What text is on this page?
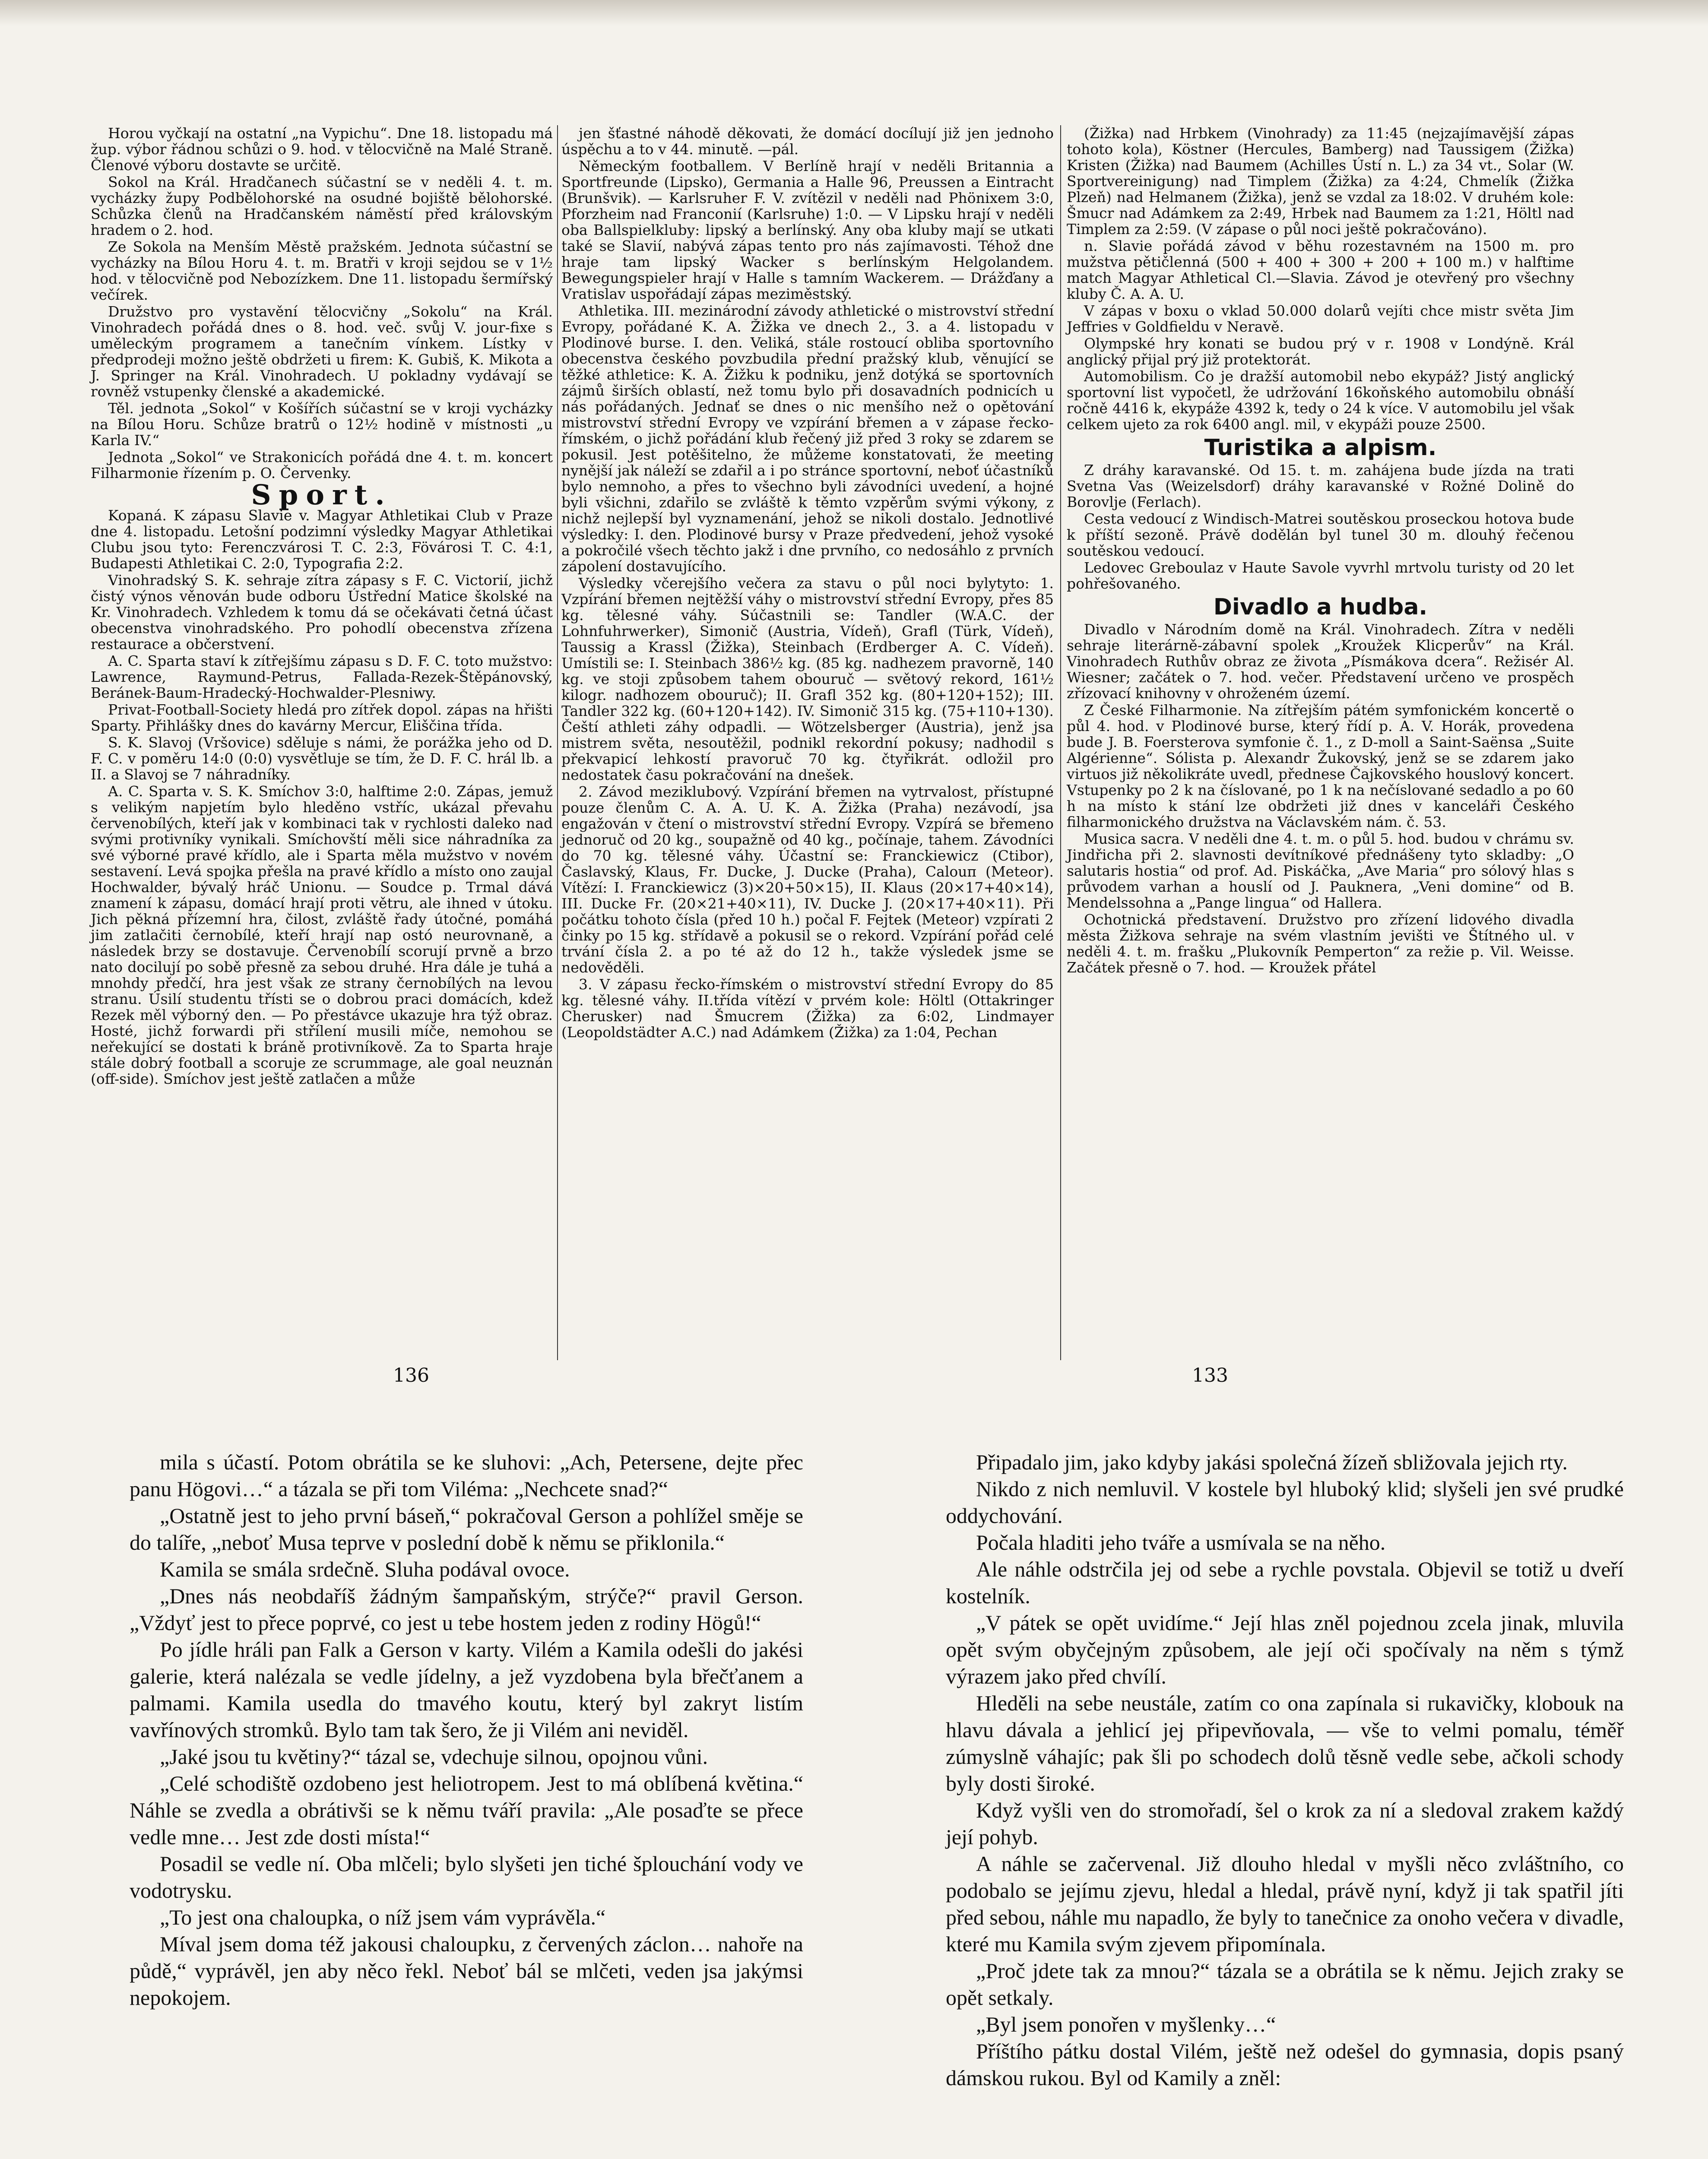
Horou vyčkají na ostatní „na Vypichu“. Dne 18. listopadu má žup. výbor řádnou schůzi o 9. hod. v tělocvičně na Malé Straně. Členové výboru dostavte se určitě.

Sokol na Král. Hradčanech súčastní se v neděli 4. t. m. vycházky župy Podbělohorské na osudné bojiště bělohorské. Schůzka členů na Hradčanském náměstí před královským hradem o 2. hod.

Ze Sokola na Menším Městě pražském. Jednota súčastní se vycházky na Bílou Horu 4. t. m. Bratři v kroji sejdou se v 1½ hod. v tělocvičně pod Nebozízkem. Dne 11. listopadu šermířský večírek.

Družstvo pro vystavění tělocvičny „Sokolu“ na Král. Vinohradech pořádá dnes o 8. hod. več. svůj V. jour-fixe s uměleckým programem a tanečním vínkem. Lístky v předprodeji možno ještě obdržeti u firem: K. Gubiš, K. Mikota a J. Springer na Král. Vinohradech. U pokladny vydávají se rovněž vstupenky členské a akademické.

Těl. jednota „Sokol“ v Košířích súčastní se v kroji vycházky na Bílou Horu. Schůze bratrů o 12½ hodině v místnosti „u Karla IV.“

Jednota „Sokol“ ve Strakonicích pořádá dne 4. t. m. koncert Filharmonie řízením p. O. Červenky.

Sport.

Kopaná. K zápasu Slavie v. Magyar Athletikai Club v Praze dne 4. listopadu. Letošní podzimní výsledky Magyar Athletikai Clubu jsou tyto: Ferenczvárosi T. C. 2:3, Fövárosi T. C. 4:1, Budapesti Athletikai C. 2:0, Typografia 2:2.

Vinohradský S. K. sehraje zítra zápasy s F. C. Victorií, jichž čistý výnos věnován bude odboru Ústřední Matice školské na Kr. Vinohradech. Vzhledem k tomu dá se očekávati četná účast obecenstva vinohradského. Pro pohodlí obecenstva zřízena restaurace a občerstvení.

A. C. Sparta staví k zítřejšímu zápasu s D. F. C. toto mužstvo: Lawrence, Raymund-Petrus, Fallada-Rezek-Štěpánovský, Beránek-Baum-Hradecký-Hochwalder-Plesniwy.

Privat-Football-Society hledá pro zítřek dopol. zápas na hřišti Sparty. Přihlášky dnes do kavárny Mercur, Eliščina třída.

S. K. Slavoj (Vršovice) sděluje s námi, že porážka jeho od D. F. C. v poměru 14:0 (0:0) vysvětluje se tím, že D. F. C. hrál lb. a II. a Slavoj se 7 náhradníky.

A. C. Sparta v. S. K. Smíchov 3:0, halftime 2:0. Zápas, jemuž s velikým napjetím bylo hleděno vstříc, ukázal převahu červenobílých, kteří jak v kombinaci tak v rychlosti daleko nad svými protivníky vynikali. Smíchovští měli sice náhradníka za své výborné pravé křídlo, ale i Sparta měla mužstvo v novém sestavení. Levá spojka přešla na pravé křídlo a místo ono zaujal Hochwalder, bývalý hráč Unionu. — Soudce p. Trmal dává znamení k zápasu, domácí hrají proti větru, ale ihned v útoku. Jich pěkná přízemní hra, čilost, zvláště řady útočné, pomáhá jim zatlačiti černobílé, kteří hrají nap ostó neurovnaně, a následek brzy se dostavuje. Červenobílí scorují prvně a brzo nato docilují po sobě přesně za sebou druhé. Hra dále je tuhá a mnohdy předčí, hra jest však ze strany černobílých na levou stranu. Úsilí studentu třísti se o dobrou praci domácích, kdež Rezek měl výborný den. — Po přestávce ukazuje hra týž obraz. Hosté, jichž forwardi při střílení musili míče, nemohou se neřekující se dostati k bráně protivníkově. Za to Sparta hraje stále dobrý football a scoruje ze scrummage, ale goal neuznán (off-side). Smíchov jest ještě zatlačen a může

jen šťastné náhodě děkovati, že domácí docílují již jen jednoho úspěchu a to v 44. minutě. —pál.

Německým footballem. V Berlíně hrají v neděli Britannia a Sportfreunde (Lipsko), Germania a Halle 96, Preussen a Eintracht (Brunšvik). — Karlsruher F. V. zvítězil v neděli nad Phönixem 3:0, Pforzheim nad Franconií (Karlsruhe) 1:0. — V Lipsku hrají v neděli oba Ballspielkluby: lipský a berlínský. Any oba kluby mají se utkati také se Slavií, nabývá zápas tento pro nás zajímavosti. Téhož dne hraje tam lipský Wacker s berlínským Helgolandem. Bewegungspieler hrají v Halle s tamním Wackerem. — Drážďany a Vratislav uspořádají zápas meziměstský.

Athletika. III. mezinárodní závody athletické o mistrovství střední Evropy, pořádané K. A. Žižka ve dnech 2., 3. a 4. listopadu v Plodinové burse. I. den. Veliká, stále rostoucí obliba sportovního obecenstva českého povzbudila přední pražský klub, věnující se těžké athletice: K. A. Žižku k podniku, jenž dotýká se sportovních zájmů širších oblastí, než tomu bylo při dosavadních podnicích u nás pořádaných. Jednať se dnes o nic menšího než o opětování mistrovství střední Evropy ve vzpírání břemen a v zápase řecko-římském, o jichž pořádání klub řečený již před 3 roky se zdarem se pokusil. Jest potěšitelno, že můžeme konstatovati, že meeting nynější jak náleží se zdařil a i po stránce sportovní, neboť účastníků bylo nemnoho, a přes to všechno byli závodníci uvedení, a hojné byli všichni, zdařilo se zvláště k těmto vzpěrům svými výkony, z nichž nejlepší byl vyznamenání, jehož se nikoli dostalo. Jednotlivé výsledky: I. den. Plodinové bursy v Praze předvedení, jehož vysoké a pokročilé všech těchto jakž i dne prvního, co nedosáhlo z prvních zápolení dostavujícího.

Výsledky včerejšího večera za stavu o půl noci bylytyto: 1. Vzpírání břemen nejtěžší váhy o mistrovství střední Evropy, přes 85 kg. tělesné váhy. Súčastnili se: Tandler (W.A.C. der Lohnfuhrwerker), Simonič (Austria, Vídeň), Grafl (Türk, Vídeň), Taussig a Krassl (Žižka), Steinbach (Erdberger A. C. Vídeň). Umístili se: I. Steinbach 386½ kg. (85 kg. nadhezem pravorně, 140 kg. ve stoji způsobem tahem obouruč — světový rekord, 161½ kilogr. nadhozem obouruč); II. Grafl 352 kg. (80+120+152); III. Tandler 322 kg. (60+120+142). IV. Simonič 315 kg. (75+110+130). Čeští athleti záhy odpadli. — Wötzelsberger (Austria), jenž jsa mistrem světa, nesoutěžil, podnikl rekordní pokusy; nadhodil s překvapicí lehkostí pravoruč 70 kg. čtyřikrát. odložil pro nedostatek času pokračování na dnešek.

2. Závod meziklubový. Vzpírání břemen na vytrvalost, přístupné pouze členům C. A. A. U. K. A. Žižka (Praha) nezávodí, jsa engažován v čtení o mistrovství střední Evropy. Vzpírá se břemeno jednoruč od 20 kg., soupažně od 40 kg., počínaje, tahem. Závodníci do 70 kg. tělesné váhy. Účastní se: Franckiewicz (Ctibor), Časlavský, Klaus, Fr. Ducke, J. Ducke (Praha), Calouп (Meteor). Vítězí: I. Franckiewicz (3)×20+50×15), II. Klaus (20×17+40×14), III. Ducke Fr. (20×21+40×11), IV. Ducke J. (20×17+40×11). Při počátku tohoto čísla (před 10 h.) počal F. Fejtek (Meteor) vzpírati 2 činky po 15 kg. střídavě a pokusil se o rekord. Vzpírání pořád celé trvání čísla 2. a po té až do 12 h., takže výsledek jsme se nedověděli.

3. V zápasu řecko-římském o mistrovství střední Evropy do 85 kg. tělesné váhy. II.třída vítězí v prvém kole: Höltl (Ottakringer Cherusker) nad Šmucrem (Žižka) za 6:02, Lindmayer (Leopoldstädter A.C.) nad Adámkem (Žižka) za 1:04, Pechan

(Žižka) nad Hrbkem (Vinohrady) za 11:45 (nejzajímavější zápas tohoto kola), Köstner (Hercules, Bamberg) nad Taussigem (Žižka) Kristen (Žižka) nad Baumem (Achilles Ústí n. L.) za 34 vt., Solar (W. Sportvereinigung) nad Timplem (Žižka) za 4:24, Chmelík (Žižka Plzeň) nad Helmanem (Žižka), jenž se vzdal za 18:02. V druhém kole: Šmucr nad Adámkem za 2:49, Hrbek nad Baumem za 1:21, Höltl nad Timplem za 2:59. (V zápase o půl noci ještě pokračováno).

n. Slavie pořádá závod v běhu rozestavném na 1500 m. pro mužstva pětičlenná (500 + 400 + 300 + 200 + 100 m.) v halftime match Magyar Athletical Cl.—Slavia. Závod je otevřený pro všechny kluby Č. A. A. U.

V zápas v boxu o vklad 50.000 dolarů vejíti chce mistr světa Jim Jeffries v Goldfieldu v Neravě.

Olympské hry konati se budou prý v r. 1908 v Londýně. Král anglický přijal prý již protektorát.

Automobilism. Co je dražší automobil nebo ekypáž? Jistý anglický sportovní list vypočetl, že udržování 16koňského automobilu obnáší ročně 4416 k, ekypáže 4392 k, tedy o 24 k více. V automobilu jel však celkem ujeto za rok 6400 angl. mil, v ekypáži pouze 2500.

Turistika a alpism.

Z dráhy karavanské. Od 15. t. m. zahájena bude jízda na trati Svetna Vas (Weizelsdorf) dráhy karavanské v Rožné Dolině do Borovlje (Ferlach).

Cesta vedoucí z Windisch-Matrei soutěskou proseckou hotova bude k příští sezoně. Právě dodělán byl tunel 30 m. dlouhý řečenou soutěskou vedoucí.

Ledovec Greboulaz v Haute Savole vyvrhl mrtvolu turisty od 20 let pohřešovaného.

Divadlo a hudba.

Divadlo v Národním domě na Král. Vinohradech. Zítra v neděli sehraje literárně-zábavní spolek „Kroužek Klicperův“ na Král. Vinohradech Ruthův obraz ze života „Písmákova dcera“. Režisér Al. Wiesner; začátek o 7. hod. večer. Představení určeno ve prospěch zřízovací knihovny v ohroženém území.

Z České Filharmonie. Na zítřejším pátém symfonickém koncertě o půl 4. hod. v Plodinové burse, který řídí p. A. V. Horák, provedena bude J. B. Foersterova symfonie č. 1., z D-moll a Saint-Saënsa „Suite Algérienne“. Sólista p. Alexandr Žukovský, jenž se se zdarem jako virtuos již několikráte uvedl, přednese Čajkovského houslový koncert. Vstupenky po 2 k na číslované, po 1 k na nečíslované sedadlo a po 60 h na místo k stání lze obdržeti již dnes v kanceláři Českého filharmonického družstva na Václavském nám. č. 53.

Musica sacra. V neděli dne 4. t. m. o půl 5. hod. budou v chrámu sv. Jindřicha při 2. slavnosti devítníkové přednášeny tyto skladby: „O salutaris hostia“ od prof. Ad. Piskáčka, „Ave Maria“ pro sólový hlas s průvodem varhan a houslí od J. Pauknera, „Veni domine“ od B. Mendelssohna a „Pange lingua“ od Hallera.

Ochotnická představení. Družstvo pro zřízení lidového divadla města Žižkova sehraje na svém vlastním jevišti ve Štítného ul. v neděli 4. t. m. frašku „Plukovník Pemperton“ za režie p. Vil. Weisse. Začátek přesně o 7. hod. — Kroužek přátel

136	133

mila s účastí. Potom obrátila se ke sluhovi: „Ach, Petersene, dejte přec panu Högovi…“ a tázala se při tom Viléma: „Nechcete snad?“

„Ostatně jest to jeho první báseň,“ pokračoval Gerson a pohlížel směje se do talíře, „neboť Musa teprve v poslední době k němu se přiklonila.“

Kamila se smála srdečně. Sluha podával ovoce.

„Dnes nás neobdaříš žádným šampaňským, strýče?“ pravil Gerson. „Vždyť jest to přece poprvé, co jest u tebe hostem jeden z rodiny Högů!“

Po jídle hráli pan Falk a Gerson v karty. Vilém a Kamila odešli do jakési galerie, která nalézala se vedle jídelny, a jež vyzdobena byla břečťanem a palmami. Kamila usedla do tmavého koutu, který byl zakryt listím vavřínových stromků. Bylo tam tak šero, že ji Vilém ani neviděl.

„Jaké jsou tu květiny?“ tázal se, vdechuje silnou, opojnou vůni.

„Celé schodiště ozdobeno jest heliotropem. Jest to má oblíbená květina.“ Náhle se zvedla a obrátivši se k němu tváří pravila: „Ale posaďte se přece vedle mne… Jest zde dosti místa!“

Posadil se vedle ní. Oba mlčeli; bylo slyšeti jen tiché šplouchání vody ve vodotrysku.

„To jest ona chaloupka, o níž jsem vám vyprávěla.“

Míval jsem doma též jakousi chaloupku, z červených záclon… nahoře na půdě,“ vyprávěl, jen aby něco řekl. Neboť bál se mlčeti, veden jsa jakýmsi nepokojem.

Připadalo jim, jako kdyby jakási společná žízeň sbližovala jejich rty.

Nikdo z nich nemluvil. V kostele byl hluboký klid; slyšeli jen své prudké oddychování.

Počala hladiti jeho tváře a usmívala se na něho.

Ale náhle odstrčila jej od sebe a rychle povstala. Objevil se totiž u dveří kostelník.

„V pátek se opět uvidíme.“ Její hlas zněl pojednou zcela jinak, mluvila opět svým obyčejným způsobem, ale její oči spočívaly na něm s týmž výrazem jako před chvílí.

Hleděli na sebe neustále, zatím co ona zapínala si rukavičky, klobouk na hlavu dávala a jehlicí jej připevňovala, — vše to velmi pomalu, téměř zúmyslně váhajíc; pak šli po schodech dolů těsně vedle sebe, ačkoli schody byly dosti široké.

Když vyšli ven do stromořadí, šel o krok za ní a sledoval zrakem každý její pohyb.

A náhle se začervenal. Již dlouho hledal v myšli něco zvláštního, co podobalo se jejímu zjevu, hledal a hledal, právě nyní, když ji tak spatřil jíti před sebou, náhle mu napadlo, že byly to tanečnice za onoho večera v divadle, které mu Kamila svým zjevem připomínala.

„Proč jdete tak za mnou?“ tázala se a obrátila se k němu. Jejich zraky se opět setkaly.

„Byl jsem ponořen v myšlenky…“

Příštího pátku dostal Vilém, ještě než odešel do gymnasia, dopis psaný dámskou rukou. Byl od Kamily a zněl:
